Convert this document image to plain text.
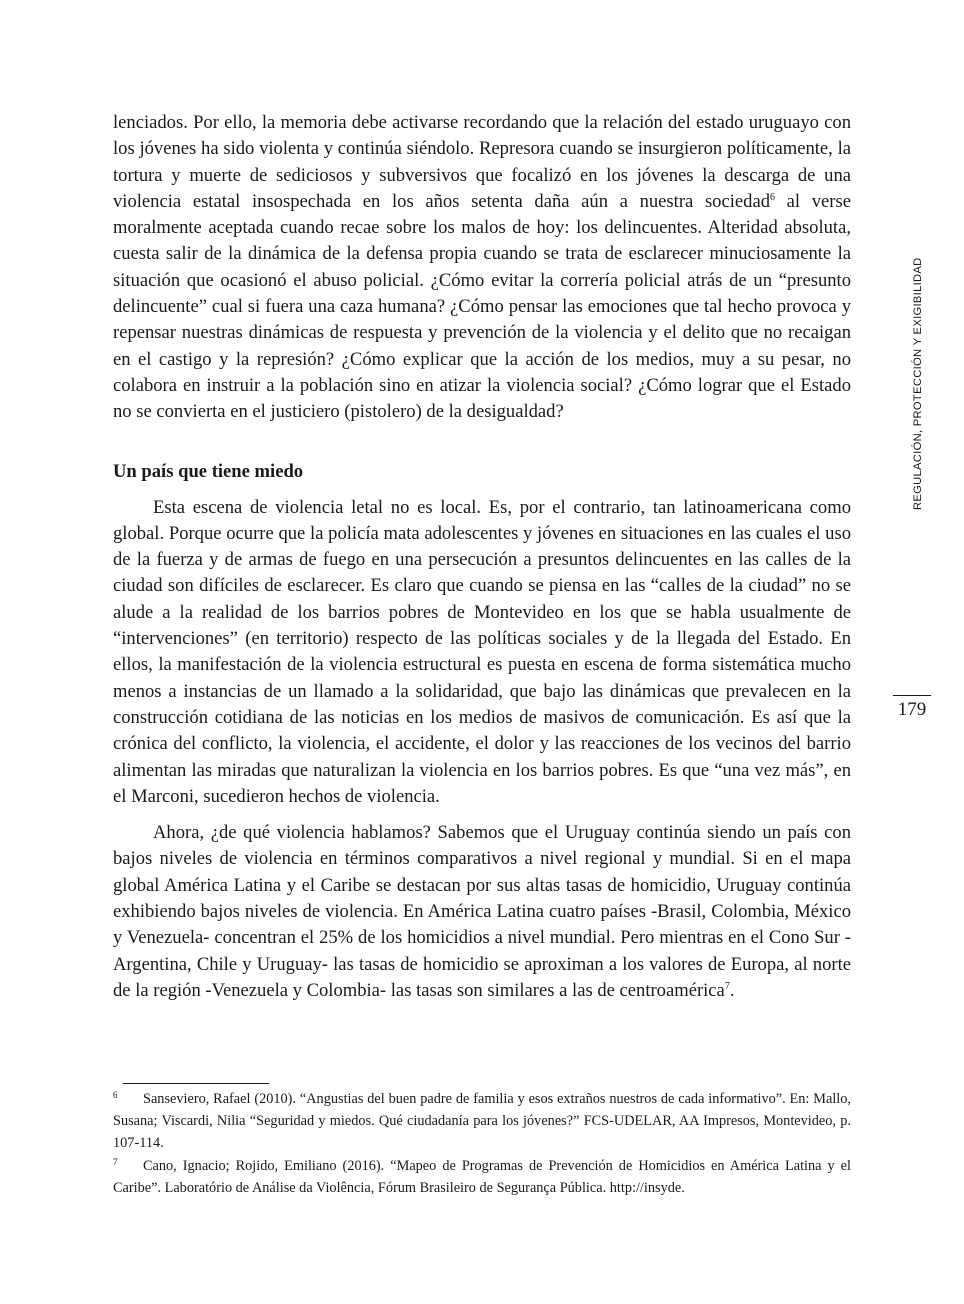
lenciados. Por ello, la memoria debe activarse recordando que la relación del estado uruguayo con los jóvenes ha sido violenta y continúa siéndolo. Represora cuando se insurgieron políticamente, la tortura y muerte de sediciosos y subversivos que focalizó en los jóvenes la descarga de una violencia estatal insospechada en los años setenta daña aún a nuestra sociedad$^6$ al verse moralmente aceptada cuando recae sobre los malos de hoy: los delincuentes. Alteridad absoluta, cuesta salir de la dinámica de la defensa propia cuando se trata de esclarecer minuciosamente la situación que ocasionó el abuso policial. ¿Cómo evitar la correría policial atrás de un “presunto delincuente” cual si fuera una caza humana? ¿Cómo pensar las emociones que tal hecho provoca y repensar nuestras dinámicas de respuesta y prevención de la violencia y el delito que no recaigan en el castigo y la represión? ¿Cómo explicar que la acción de los medios, muy a su pesar, no colabora en instruir a la población sino en atizar la violencia social? ¿Cómo lograr que el Estado no se convierta en el justiciero (pistolero) de la desigualdad?

Un país que tiene miedo

Esta escena de violencia letal no es local. Es, por el contrario, tan latinoamericana como global. Porque ocurre que la policía mata adolescentes y jóvenes en situaciones en las cuales el uso de la fuerza y de armas de fuego en una persecución a presuntos delincuentes en las calles de la ciudad son difíciles de esclarecer. Es claro que cuando se piensa en las “calles de la ciudad” no se alude a la realidad de los barrios pobres de Montevideo en los que se habla usualmente de “intervenciones” (en territorio) respecto de las políticas sociales y de la llegada del Estado. En ellos, la manifestación de la violencia estructural es puesta en escena de forma sistemática mucho menos a instancias de un llamado a la solidaridad, que bajo las dinámicas que prevalecen en la construcción cotidiana de las noticias en los medios de masivos de comunicación. Es así que la crónica del conflicto, la violencia, el accidente, el dolor y las reacciones de los vecinos del barrio alimentan las miradas que naturalizan la violencia en los barrios pobres. Es que “una vez más”, en el Marconi, sucedieron hechos de violencia.

Ahora, ¿de qué violencia hablamos? Sabemos que el Uruguay continúa siendo un país con bajos niveles de violencia en términos comparativos a nivel regional y mundial. Si en el mapa global América Latina y el Caribe se destacan por sus altas tasas de homicidio, Uruguay continúa exhibiendo bajos niveles de violencia. En América Latina cuatro países -Brasil, Colombia, México y Venezuela- concentran el 25% de los homicidios a nivel mundial. Pero mientras en el Cono Sur -Argentina, Chile y Uruguay- las tasas de homicidio se aproximan a los valores de Europa, al norte de la región -Venezuela y Colombia- las tasas son similares a las de centroamérica$^7$.

REGULACIÓN, PROTECCIÓN Y EXIGIBILIDAD
179
6 Sanseviero, Rafael (2010). “Angustias del buen padre de familia y esos extraños nuestros de cada informativo”. En: Mallo, Susana; Viscardi, Nilia “Seguridad y miedos. Qué ciudadanía para los jóvenes?” FCS-UDELAR, AA Impresos, Montevideo, p. 107-114.
7 Cano, Ignacio; Rojido, Emiliano (2016). “Mapeo de Programas de Prevención de Homicidios en América Latina y el Caribe”. Laboratório de Análise da Violência, Fórum Brasileiro de Segurança Pública. http://insyde.
